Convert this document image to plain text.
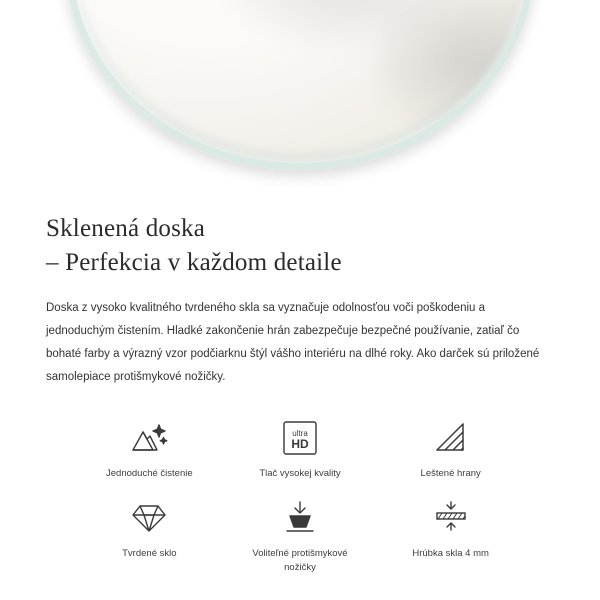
Sklenená doska
– Perfekcia v každom detaile

Doska z vysoko kvalitného tvrdeného skla sa vyznačuje odolnosťou voči poškodeniu a jednoduchým čistením. Hladké zakončenie hrán zabezpečuje bezpečné používanie, zatiaľ čo bohaté farby a výrazný vzor podčiarknu štýl vášho interiéru na dlhé roky. Ako darček sú priložené samolepiace protišmykové nožičky.

Jednoduché čistenie
ultra
HD
Tlač vysokej kvality	Leštené hrany
Tvrdené sklo	Voliteľné protišmykové nožičky
Hrúbka skla 4 mm
